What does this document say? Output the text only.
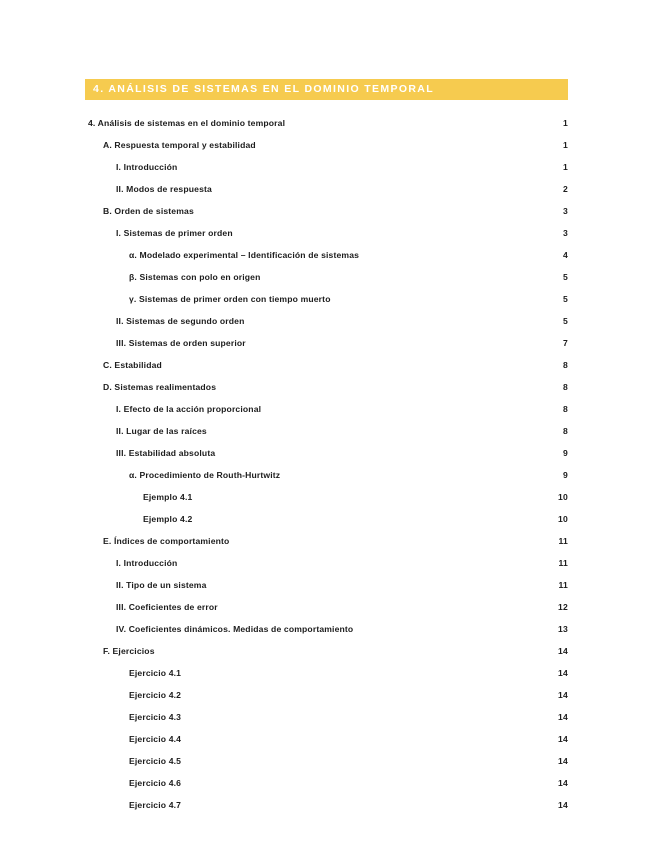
4. ANÁLISIS DE SISTEMAS EN EL DOMINIO TEMPORAL
4. Análisis de sistemas en el dominio temporal	1
A. Respuesta temporal y estabilidad	1
I. Introducción	1
II. Modos de respuesta	2
B. Orden de sistemas	3
I. Sistemas de primer orden	3
α. Modelado experimental – Identificación de sistemas	4
β. Sistemas con polo en origen	5
γ. Sistemas de primer orden con tiempo muerto	5
II. Sistemas de segundo orden	5
III. Sistemas de orden superior	7
C. Estabilidad	8
D. Sistemas realimentados	8
I. Efecto de la acción proporcional	8
II. Lugar de las raíces	8
III. Estabilidad absoluta	9
α. Procedimiento de Routh-Hurtwitz	9
Ejemplo 4.1	10
Ejemplo 4.2	10
E. Índices de comportamiento	11
I. Introducción	11
II. Tipo de un sistema	11
III. Coeficientes de error	12
IV. Coeficientes dinámicos. Medidas de comportamiento	13
F. Ejercicios	14
Ejercicio 4.1	14
Ejercicio 4.2	14
Ejercicio 4.3	14
Ejercicio 4.4	14
Ejercicio 4.5	14
Ejercicio 4.6	14
Ejercicio 4.7	14
